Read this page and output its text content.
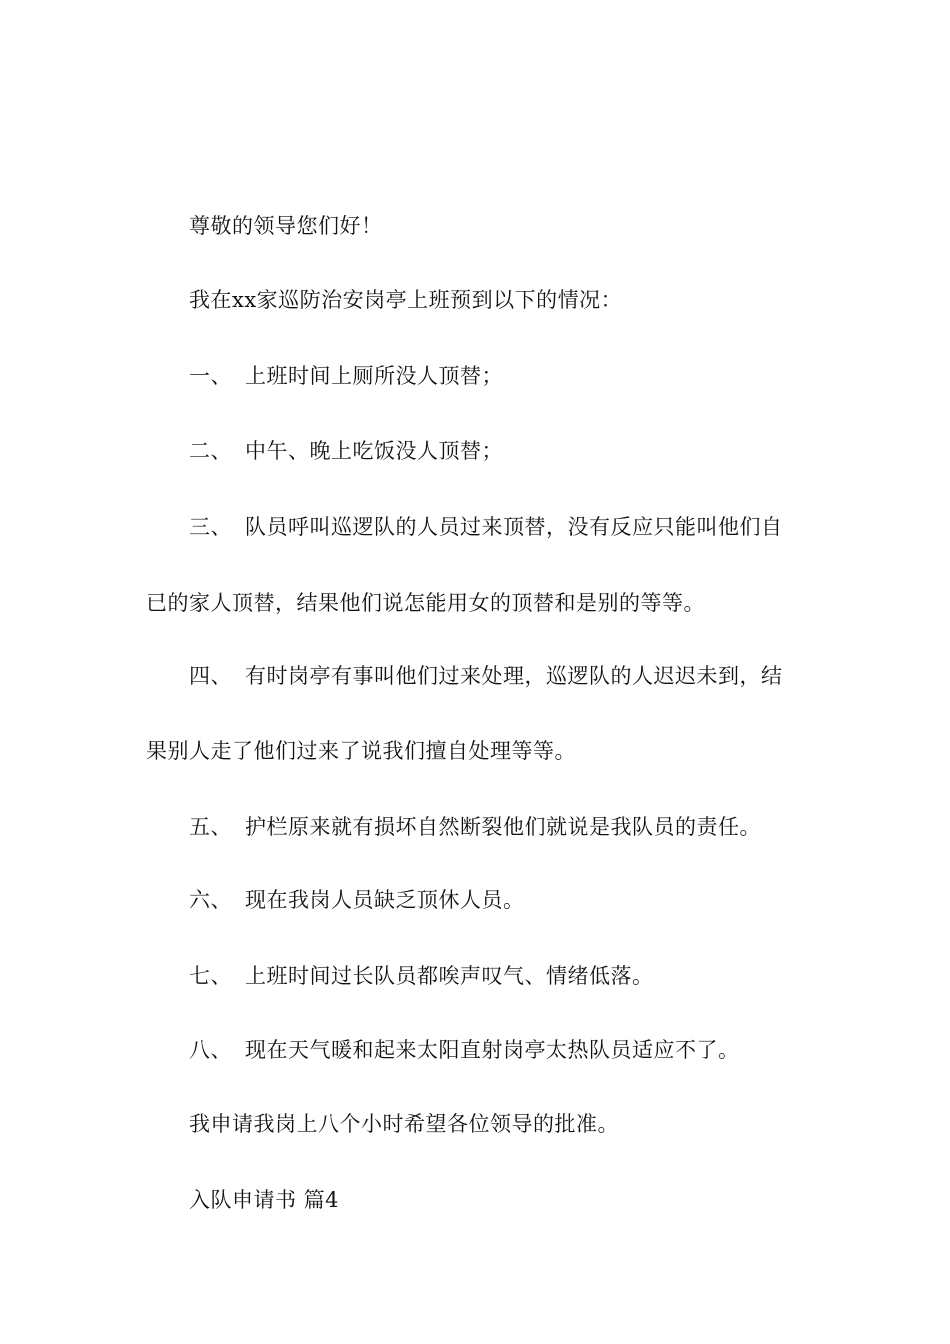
尊敬的领导您们好！
我在xx家巡防治安岗亭上班预到以下的情况：
一、 上班时间上厕所没人顶替；
二、 中午、晚上吃饭没人顶替；
三、 队员呼叫巡逻队的人员过来顶替，没有反应只能叫他们自
已的家人顶替，结果他们说怎能用女的顶替和是别的等等。
四、 有时岗亭有事叫他们过来处理，巡逻队的人迟迟未到，结
果别人走了他们过来了说我们擅自处理等等。
五、 护栏原来就有损坏自然断裂他们就说是我队员的责任。
六、 现在我岗人员缺乏顶休人员。
七、 上班时间过长队员都唉声叹气、情绪低落。
八、 现在天气暖和起来太阳直射岗亭太热队员适应不了。
我申请我岗上八个小时希望各位领导的批准。
入队申请书 篇4
